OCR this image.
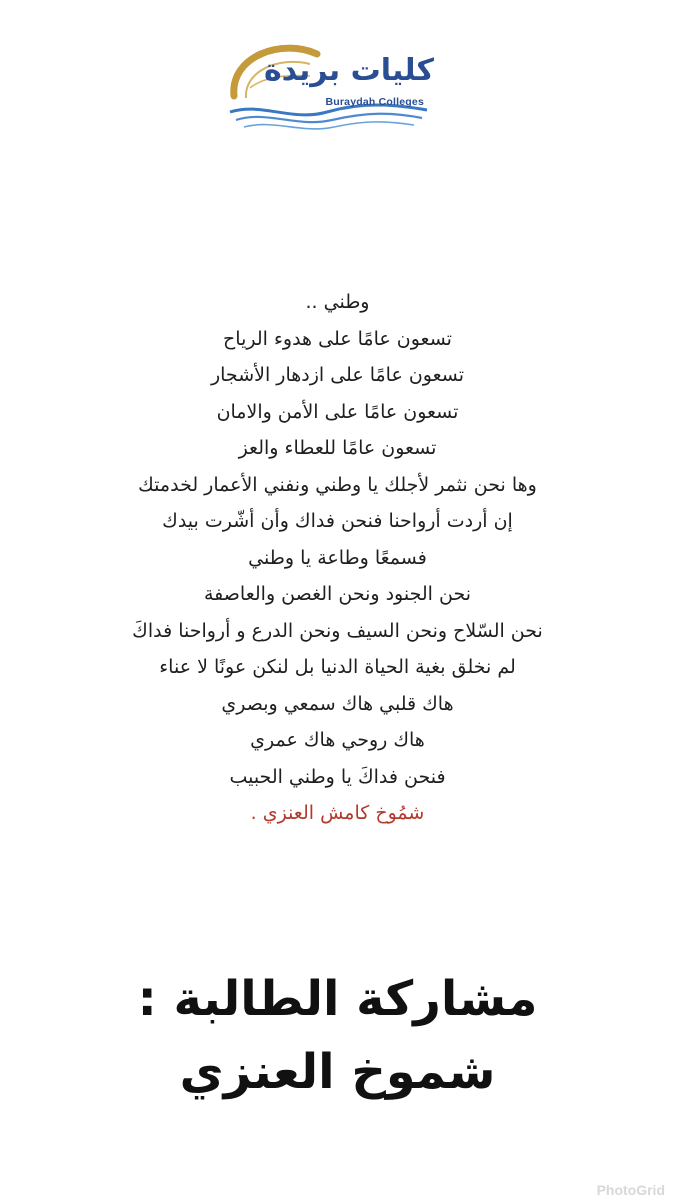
كليات بريدة
Buraydah Colleges
وطني ..
تسعون عامًا على هدوء الرياح
تسعون عامًا على ازدهار الأشجار
تسعون عامًا على الأمن والامان
تسعون عامًا للعطاء والعز
وها نحن نثمر لأجلك يا وطني ونفني الأعمار لخدمتك
إن أردت أرواحنا فنحن فداك وأن أشّرت بيدك
فسمعًا وطاعة يا وطني
نحن الجنود ونحن الغصن والعاصفة
نحن السّلاح ونحن السيف ونحن الدرع و أرواحنا فداكَ
لم نخلق بغية الحياة الدنيا بل لنكن عونًا لا عناء
هاك قلبي هاك سمعي وبصري
هاك روحي هاك عمري
فنحن فداكَ يا وطني الحبيب
شمُوخ كامش العنزي .
مشاركة الطالبة :
شموخ العنزي
PhotoGrid
